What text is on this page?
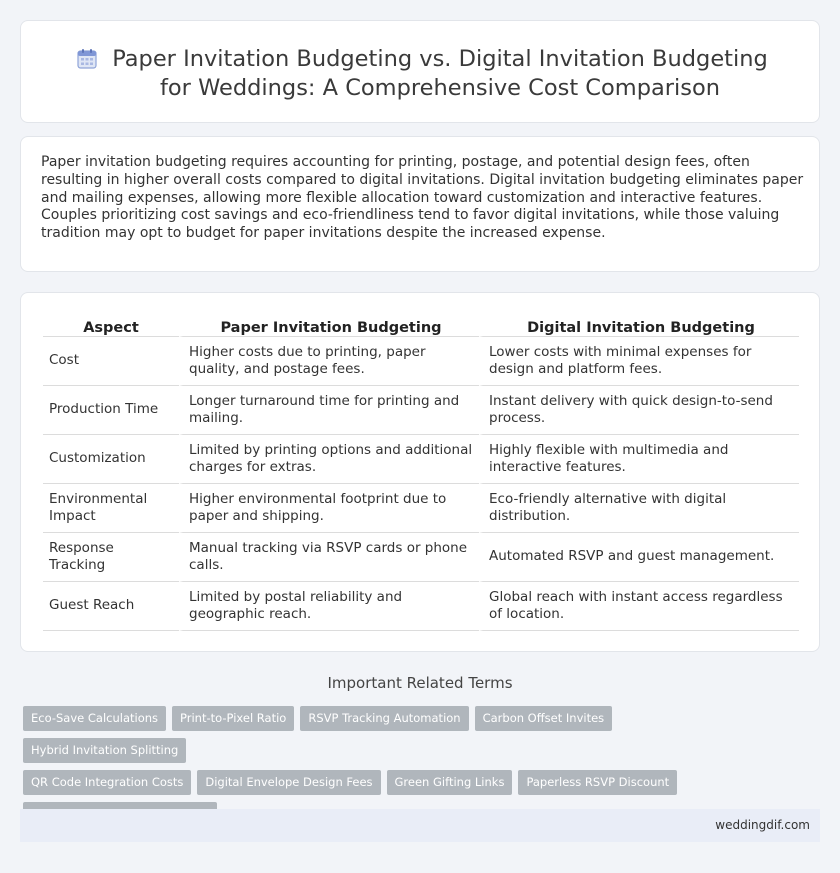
Paper Invitation Budgeting vs. Digital Invitation Budgeting for Weddings: A Comprehensive Cost Comparison

Paper invitation budgeting requires accounting for printing, postage, and potential design fees, often resulting in higher overall costs compared to digital invitations. Digital invitation budgeting eliminates paper and mailing expenses, allowing more flexible allocation toward customization and interactive features. Couples prioritizing cost savings and eco-friendliness tend to favor digital invitations, while those valuing tradition may opt to budget for paper invitations despite the increased expense.

Aspect	Paper Invitation Budgeting	Digital Invitation Budgeting
Cost	Higher costs due to printing, paper quality, and postage fees.	Lower costs with minimal expenses for design and platform fees.
Production Time	Longer turnaround time for printing and mailing.	Instant delivery with quick design-to-send process.
Customization	Limited by printing options and additional charges for extras.	Highly flexible with multimedia and interactive features.
Environmental Impact	Higher environmental footprint due to paper and shipping.	Eco-friendly alternative with digital distribution.
Response Tracking	Manual tracking via RSVP cards or phone calls.	Automated RSVP and guest management.
Guest Reach	Limited by postal reliability and geographic reach.	Global reach with instant access regardless of location.
Important Related Terms
Eco-Save Calculations	Print-to-Pixel Ratio	RSVP Tracking Automation	Carbon Offset Invites
Hybrid Invitation Splitting
QR Code Integration Costs	Digital Envelope Design Fees	Green Gifting Links	Paperless RSVP Discount
weddingdif.com
